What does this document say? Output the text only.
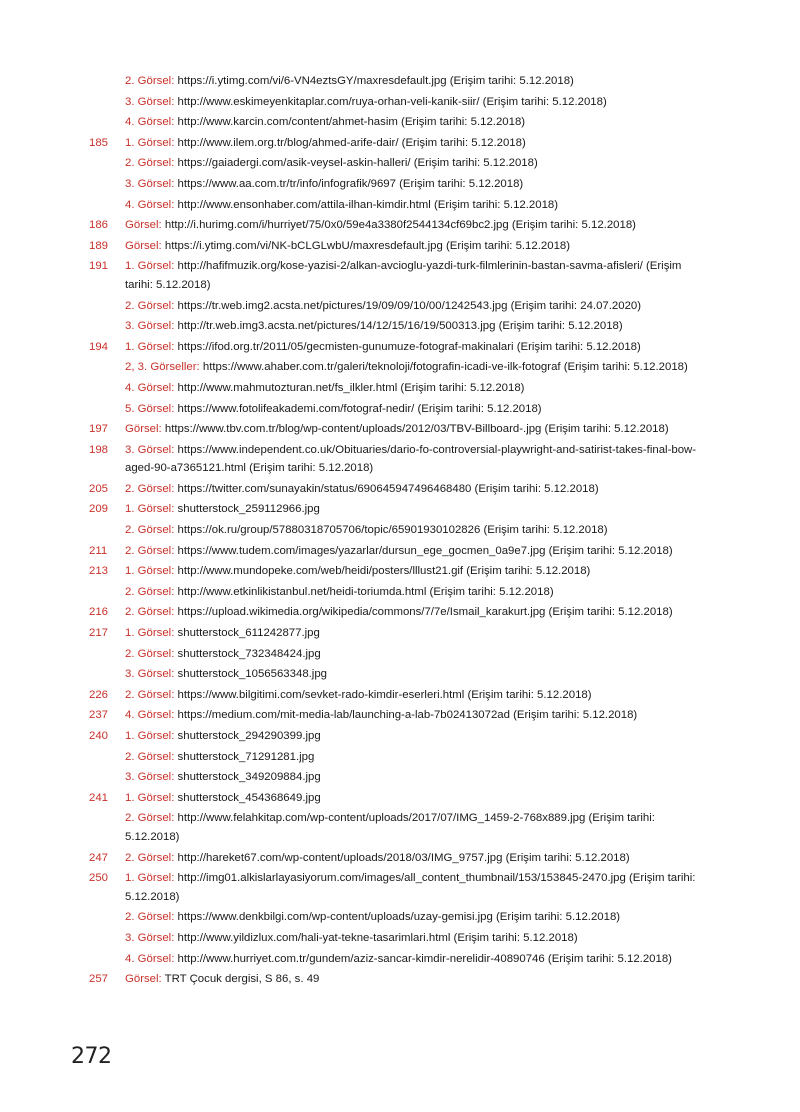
2. Görsel: https://i.ytimg.com/vi/6-VN4eztsGY/maxresdefault.jpg (Erişim tarihi: 5.12.2018)
3. Görsel: http://www.eskimeyenkitaplar.com/ruya-orhan-veli-kanik-siir/ (Erişim tarihi: 5.12.2018)
4. Görsel: http://www.karcin.com/content/ahmet-hasim (Erişim tarihi: 5.12.2018)
185	1. Görsel: http://www.ilem.org.tr/blog/ahmed-arife-dair/ (Erişim tarihi: 5.12.2018)
2. Görsel: https://gaiadergi.com/asik-veysel-askin-halleri/ (Erişim tarihi: 5.12.2018)
3. Görsel: https://www.aa.com.tr/tr/info/infografik/9697 (Erişim tarihi: 5.12.2018)
4. Görsel: http://www.ensonhaber.com/attila-ilhan-kimdir.html (Erişim tarihi: 5.12.2018)
186	Görsel: http://i.hurimg.com/i/hurriyet/75/0x0/59e4a3380f2544134cf69bc2.jpg (Erişim tarihi: 5.12.2018)
189	Görsel: https://i.ytimg.com/vi/NK-bCLGLwbU/maxresdefault.jpg (Erişim tarihi: 5.12.2018)
191	1. Görsel: http://hafifmuzik.org/kose-yazisi-2/alkan-avcioglu-yazdi-turk-filmlerinin-bastan-savma-afisleri/ (Erişim tarihi: 5.12.2018)
2. Görsel: https://tr.web.img2.acsta.net/pictures/19/09/09/10/00/1242543.jpg (Erişim tarihi: 24.07.2020)
3. Görsel: http://tr.web.img3.acsta.net/pictures/14/12/15/16/19/500313.jpg (Erişim tarihi: 5.12.2018)
194	1. Görsel: https://ifod.org.tr/2011/05/gecmisten-gunumuze-fotograf-makinalari (Erişim tarihi: 5.12.2018)
2, 3. Görseller: https://www.ahaber.com.tr/galeri/teknoloji/fotografin-icadi-ve-ilk-fotograf (Erişim tarihi: 5.12.2018)
4. Görsel: http://www.mahmutozturan.net/fs_ilkler.html (Erişim tarihi: 5.12.2018)
5. Görsel: https://www.fotolifeakademi.com/fotograf-nedir/ (Erişim tarihi: 5.12.2018)
197	Görsel: https://www.tbv.com.tr/blog/wp-content/uploads/2012/03/TBV-Billboard-.jpg (Erişim tarihi: 5.12.2018)
198	3. Görsel: https://www.independent.co.uk/Obituaries/dario-fo-controversial-playwright-and-satirist-takes-final-bow-aged-90-a7365121.html (Erişim tarihi: 5.12.2018)
205	2. Görsel: https://twitter.com/sunayakin/status/690645947496468480 (Erişim tarihi: 5.12.2018)
209	1. Görsel: shutterstock_259112966.jpg
2. Görsel: https://ok.ru/group/57880318705706/topic/65901930102826 (Erişim tarihi: 5.12.2018)
211	2. Görsel: https://www.tudem.com/images/yazarlar/dursun_ege_gocmen_0a9e7.jpg (Erişim tarihi: 5.12.2018)
213	1. Görsel: http://www.mundopeke.com/web/heidi/posters/lllust21.gif (Erişim tarihi: 5.12.2018)
2. Görsel: http://www.etkinlikistanbul.net/heidi-toriumda.html (Erişim tarihi: 5.12.2018)
216	2. Görsel: https://upload.wikimedia.org/wikipedia/commons/7/7e/Ismail_karakurt.jpg (Erişim tarihi: 5.12.2018)
217	1. Görsel: shutterstock_611242877.jpg
2. Görsel: shutterstock_732348424.jpg
3. Görsel: shutterstock_1056563348.jpg
226	2. Görsel: https://www.bilgitimi.com/sevket-rado-kimdir-eserleri.html (Erişim tarihi: 5.12.2018)
237	4. Görsel: https://medium.com/mit-media-lab/launching-a-lab-7b02413072ad (Erişim tarihi: 5.12.2018)
240	1. Görsel: shutterstock_294290399.jpg
2. Görsel: shutterstock_71291281.jpg
3. Görsel: shutterstock_349209884.jpg
241	1. Görsel: shutterstock_454368649.jpg
2. Görsel: http://www.felahkitap.com/wp-content/uploads/2017/07/IMG_1459-2-768x889.jpg (Erişim tarihi: 5.12.2018)
247	2. Görsel: http://hareket67.com/wp-content/uploads/2018/03/IMG_9757.jpg (Erişim tarihi: 5.12.2018)
250	1. Görsel: http://img01.alkislarlayasiyorum.com/images/all_content_thumbnail/153/153845-2470.jpg (Erişim tarihi: 5.12.2018)
2. Görsel: https://www.denkbilgi.com/wp-content/uploads/uzay-gemisi.jpg (Erişim tarihi: 5.12.2018)
3. Görsel: http://www.yildizlux.com/hali-yat-tekne-tasarimlari.html (Erişim tarihi: 5.12.2018)
4. Görsel: http://www.hurriyet.com.tr/gundem/aziz-sancar-kimdir-nerelidir-40890746 (Erişim tarihi: 5.12.2018)
257	Görsel: TRT Çocuk dergisi, S 86, s. 49
272
